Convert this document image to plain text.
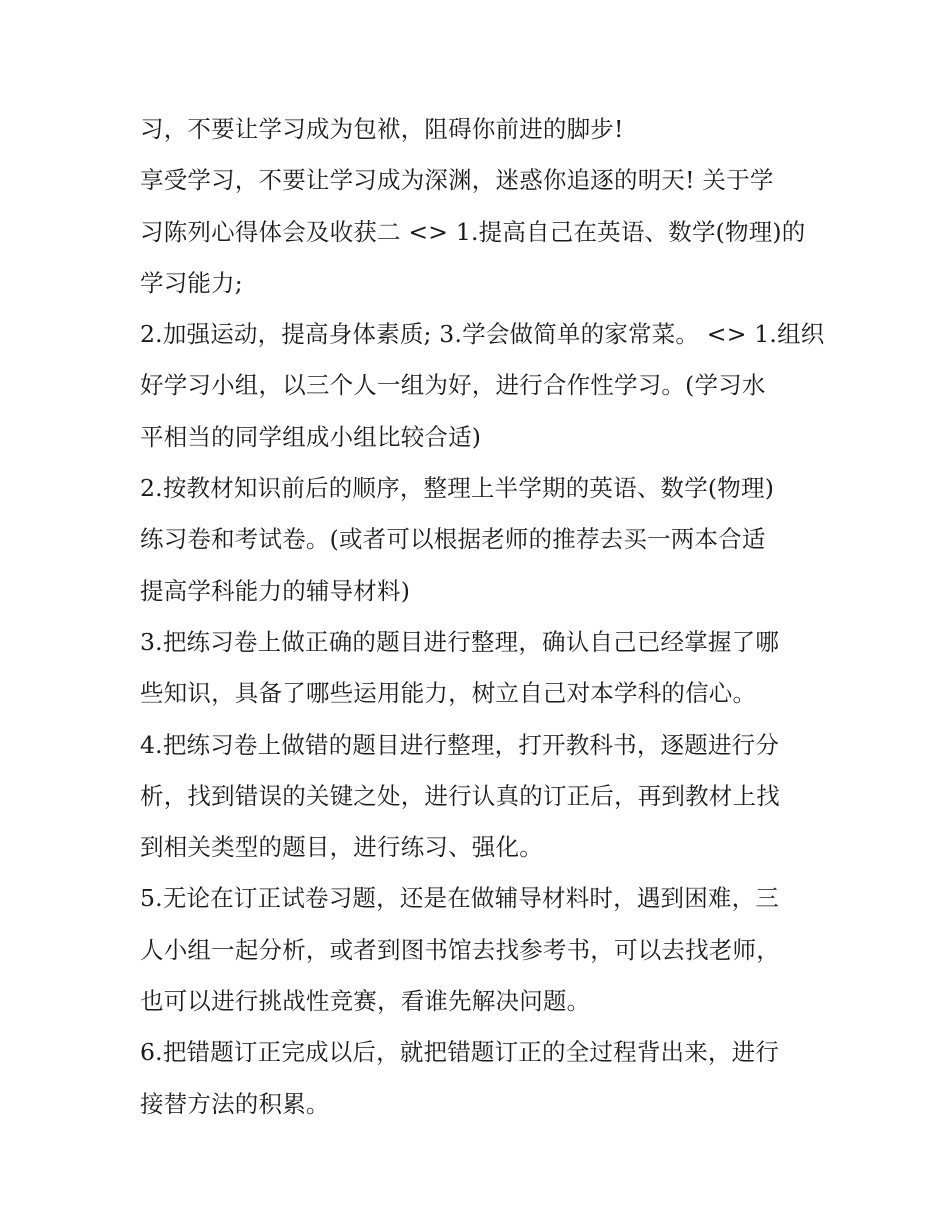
习，不要让学习成为包袱，阻碍你前进的脚步!
享受学习，不要让学习成为深渊，迷惑你追逐的明天! 关于学
习陈列心得体会及收获二 <> 1.提高自己在英语、数学(物理)的
学习能力;
2.加强运动，提高身体素质; 3.学会做简单的家常菜。 <> 1.组织
好学习小组，以三个人一组为好，进行合作性学习。(学习水
平相当的同学组成小组比较合适)
2.按教材知识前后的顺序，整理上半学期的英语、数学(物理)
练习卷和考试卷。(或者可以根据老师的推荐去买一两本合适
提高学科能力的辅导材料)
3.把练习卷上做正确的题目进行整理，确认自己已经掌握了哪
些知识，具备了哪些运用能力，树立自己对本学科的信心。
4.把练习卷上做错的题目进行整理，打开教科书，逐题进行分
析，找到错误的关键之处，进行认真的订正后，再到教材上找
到相关类型的题目，进行练习、强化。
5.无论在订正试卷习题，还是在做辅导材料时，遇到困难，三
人小组一起分析，或者到图书馆去找参考书，可以去找老师，
也可以进行挑战性竞赛，看谁先解决问题。
6.把错题订正完成以后，就把错题订正的全过程背出来，进行
接替方法的积累。
